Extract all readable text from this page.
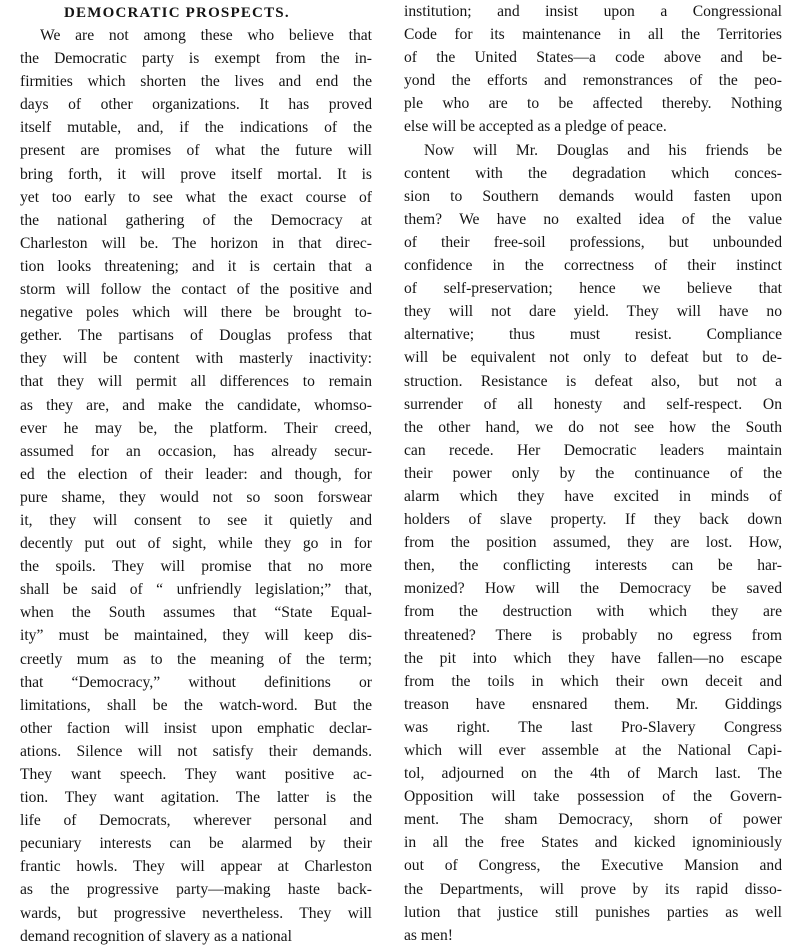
DEMOCRATIC PROSPECTS.
We are not among these who believe that
the Democratic party is exempt from the in-
firmities which shorten the lives and end the
days of other organizations. It has proved
itself mutable, and, if the indications of the
present are promises of what the future will
bring forth, it will prove itself mortal. It is
yet too early to see what the exact course of
the national gathering of the Democracy at
Charleston will be. The horizon in that direc-
tion looks threatening; and it is certain that a
storm will follow the contact of the positive and
negative poles which will there be brought to-
gether. The partisans of Douglas profess that
they will be content with masterly inactivity:
that they will permit all differences to remain
as they are, and make the candidate, whomso-
ever he may be, the platform. Their creed,
assumed for an occasion, has already secur-
ed the election of their leader: and though, for
pure shame, they would not so soon forswear
it, they will consent to see it quietly and
decently put out of sight, while they go in for
the spoils. They will promise that no more
shall be said of “ unfriendly legislation;” that,
when the South assumes that “State Equal-
ity” must be maintained, they will keep dis-
creetly mum as to the meaning of the term;
that “Democracy,” without definitions or
limitations, shall be the watch-word. But the
other faction will insist upon emphatic declar-
ations. Silence will not satisfy their demands.
They want speech. They want positive ac-
tion. They want agitation. The latter is the
life of Democrats, wherever personal and
pecuniary interests can be alarmed by their
frantic howls. They will appear at Charleston
as the progressive party—making haste back-
wards, but progressive nevertheless. They will
demand recognition of slavery as a national
institution; and insist upon a Congressional
Code for its maintenance in all the Territories
of the United States—a code above and be-
yond the efforts and remonstrances of the peo-
ple who are to be affected thereby. Nothing
else will be accepted as a pledge of peace.
Now will Mr. Douglas and his friends be
content with the degradation which conces-
sion to Southern demands would fasten upon
them? We have no exalted idea of the value
of their free-soil professions, but unbounded
confidence in the correctness of their instinct
of self-preservation; hence we believe that
they will not dare yield. They will have no
alternative; thus must resist. Compliance
will be equivalent not only to defeat but to de-
struction. Resistance is defeat also, but not a
surrender of all honesty and self-respect. On
the other hand, we do not see how the South
can recede. Her Democratic leaders maintain
their power only by the continuance of the
alarm which they have excited in minds of
holders of slave property. If they back down
from the position assumed, they are lost. How,
then, the conflicting interests can be har-
monized? How will the Democracy be saved
from the destruction with which they are
threatened? There is probably no egress from
the pit into which they have fallen—no escape
from the toils in which their own deceit and
treason have ensnared them. Mr. Giddings
was right. The last Pro-Slavery Congress
which will ever assemble at the National Capi-
tol, adjourned on the 4th of March last. The
Opposition will take possession of the Govern-
ment. The sham Democracy, shorn of power
in all the free States and kicked ignominiously
out of Congress, the Executive Mansion and
the Departments, will prove by its rapid disso-
lution that justice still punishes parties as well
as men!
